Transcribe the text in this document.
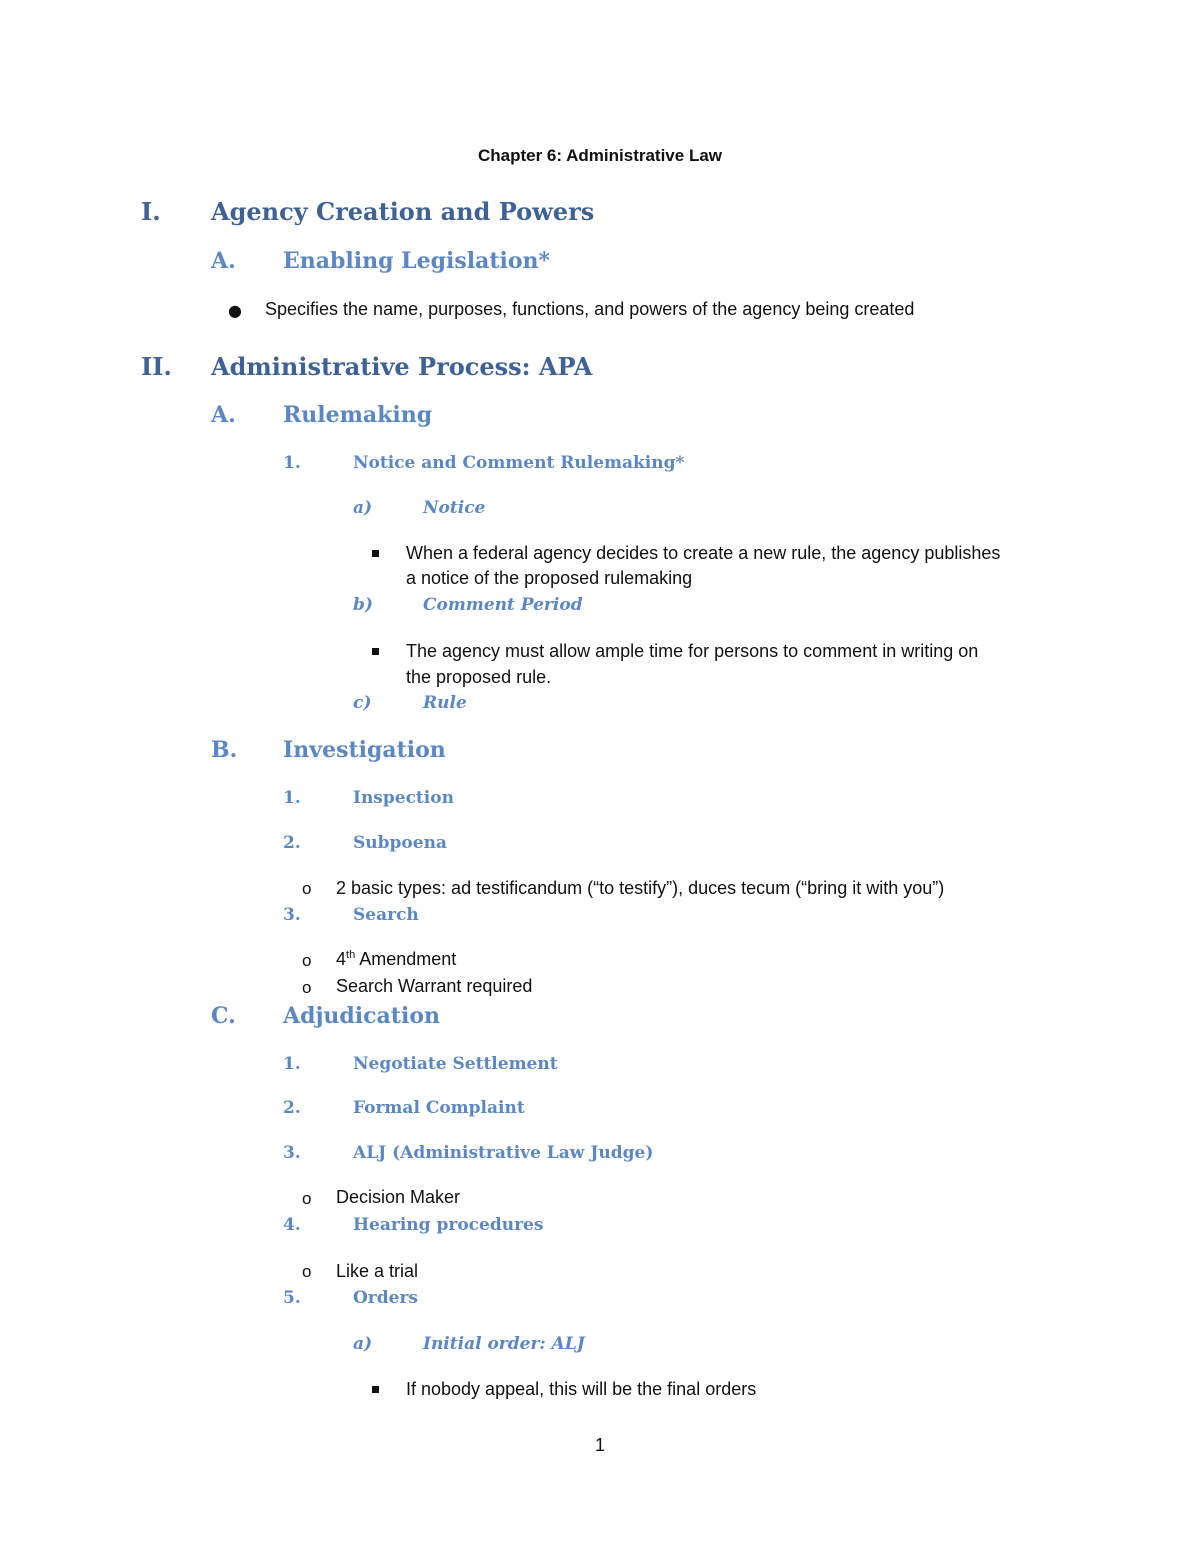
Chapter 6: Administrative Law
I. Agency Creation and Powers
A. Enabling Legislation*
● Specifies the name, purposes, functions, and powers of the agency being created
II. Administrative Process: APA
A. Rulemaking
1.	Notice and Comment Rulemaking*
a)	Notice
When a federal agency decides to create a new rule, the agency publishes
a notice of the proposed rulemaking
b)	Comment Period
The agency must allow ample time for persons to comment in writing on
the proposed rule.
c)	Rule
B. Investigation
1.	Inspection
2.	Subpoena
o 2 basic types: ad testificandum (“to testify”), duces tecum (“bring it with you”)
3.	Search
o 4th Amendment
o Search Warrant required
C. Adjudication
1.	Negotiate Settlement
2.	Formal Complaint
3.	ALJ (Administrative Law Judge)
o Decision Maker
4.	Hearing procedures
o Like a trial
5.	Orders
a)	Initial order: ALJ
If nobody appeal, this will be the final orders
1
